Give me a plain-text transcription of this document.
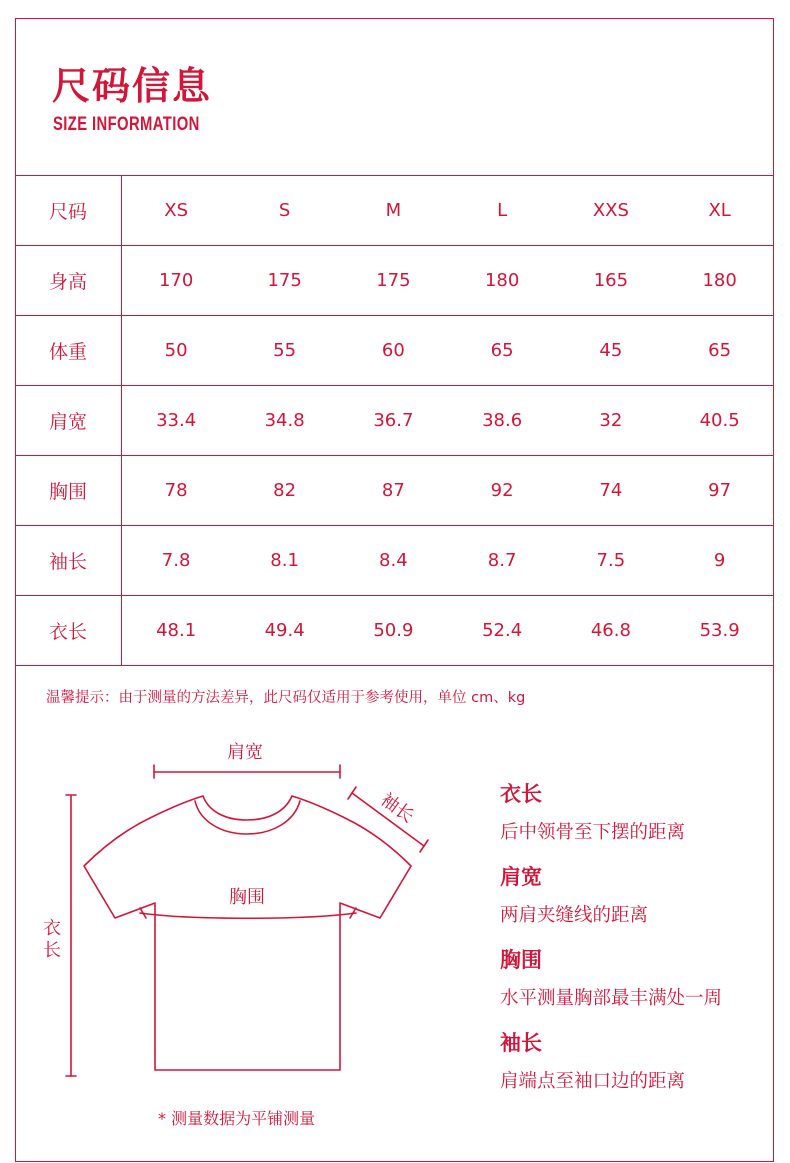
尺码信息
SIZE INFORMATION
尺码	XS	S	M	L	XXS	XL
身高	170	175	175	180	165	180
体重	50	55	60	65	45	65
肩宽	33.4	34.8	36.7	38.6	32	40.5
胸围	78	82	87	92	74	97
袖长	7.8	8.1	8.4	8.7	7.5	9
衣长	48.1	49.4	50.9	52.4	46.8	53.9
温馨提示：由于测量的方法差异，此尺码仅适用于参考使用，单位 cm、kg
肩宽
袖长
胸围
衣
长
* 测量数据为平铺测量
衣长
后中领骨至下摆的距离
肩宽
两肩夹缝线的距离
胸围
水平测量胸部最丰满处一周
袖长
肩端点至袖口边的距离
